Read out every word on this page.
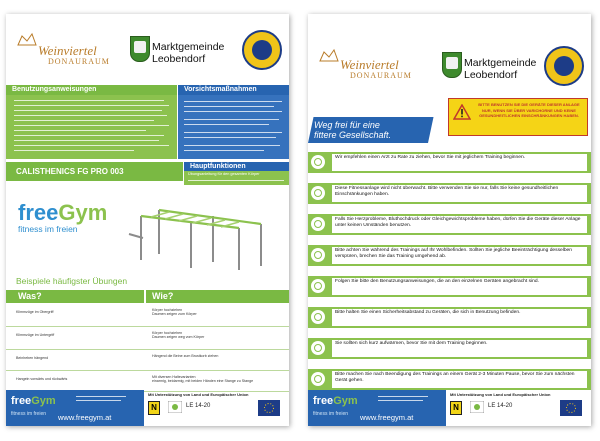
Weinviertel
DONAURAUM
Marktgemeinde
Leobendorf
Benutzungsanweisungen	Vorsichtsmaßnahmen
CALISTHENICS FG PRO 003
Hauptfunktionen
Übungsanleitung für den gesamten Körper
freeGym
fitness im freien
Beispiele häufigster Übungen
Was?	Wie?
Klimmzüge im Obergriff	Körper hochziehen
Daumen zeigen zum Körper
Klimmzüge im Untergriff	Körper hochziehen
Daumen zeigen weg vom Körper
Beinheben hängend	Hängend die Beine zum Brustkorb ziehen
Hangeln vorwärts und rückwärts	Mit diversen Haltevarianten
einarmig, beidarmig, mit beiden Händen eine Stange zu Stange
freeGym
fitness im freien www.freegym.at
Mit Unterstützung von Land und Europäischer Union
N	LE 14-20
Weinviertel
DONAURAUM
Marktgemeinde
Leobendorf
BITTE BENUTZEN SIE DIE GERÄTE DIESER ANLAGE NUR, WENN SIE ÜBER VARICHORNE UND KEINE GESUNDHEITLICHEN EINSCHRÄNKUNGEN HABEN.
Weg frei für eine
fittere Gesellschaft.
Wir empfehlen einen Arzt zu Rate zu ziehen, bevor Sie mit jeglichem Training beginnen.
Diese Fitnessanlage wird nicht überwacht. Bitte verwenden Sie sie nur, falls Sie keine gesundheitlichen Einschränkungen haben.
Falls Sie Herzprobleme, Bluthochdruck oder Gleichgewichtsprobleme haben, dürfen Sie die Geräte dieser Anlage unter keinen Umständen benutzen.
Bitte achten Sie während des Trainings auf Ihr Wohlbefinden. Sollten Sie jegliche Beeinträchtigung desselben verspüren, brechen Sie das Training umgehend ab.
Folgen Sie bitte den Benutzungsanweisungen, die an den einzelnen Geräten angebracht sind.
Bitte halten Sie einen Sicherheitsabstand zu Geräten, die sich in Benutzung befinden.
Sie sollten sich kurz aufwärmen, bevor Sie mit dem Training beginnen.
Bitte machen Sie nach Beendigung des Trainings an einem Gerät 2-3 Minuten Pause, bevor Sie zum nächsten Gerät gehen.
freeGym
fitness im freien www.freegym.at
Mit Unterstützung von Land und Europäischer Union
N	LE 14-20
